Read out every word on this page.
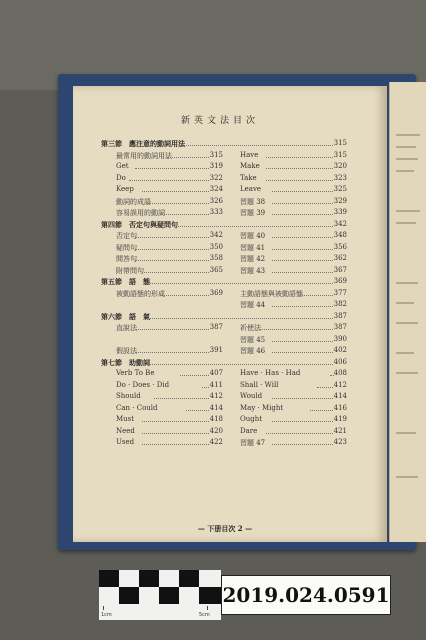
新英文法目次
第三節　應注意的動詞用法	315
最常用的動詞用法	315 Have	315
Get	319 Make	320
Do	322 Take	323
Keep	324 Leave	325
動詞的成語	326 習題 38	329
容易誤用的動詞	333 習題 39	339
第四節　否定句與疑問句	342
否定句	342 習題 40	348
疑問句	350 習題 41	356
間答句	358 習題 42	362
附帶問句	365 習題 43	367
第五節　語　態	369
被動語態的形成	369 主動語態與被動語態	377
習題 44	382
第六節　語　氣	387
直說法	387 祈使法	387
習題 45	390
假設法	391 習題 46	402
第七節　助動詞	406
Verb To Be	407 Have · Has · Had	408
Do · Does · Did	411 Shall · Will	412
Should	412 Would	414
Can · Could	414 May · Might	416
Must	418 Ought	419
Need	420 Dare	421
Used	422 習題 47	423
— 下册目次 2 —
1cm	5cm
2019.024.0591
